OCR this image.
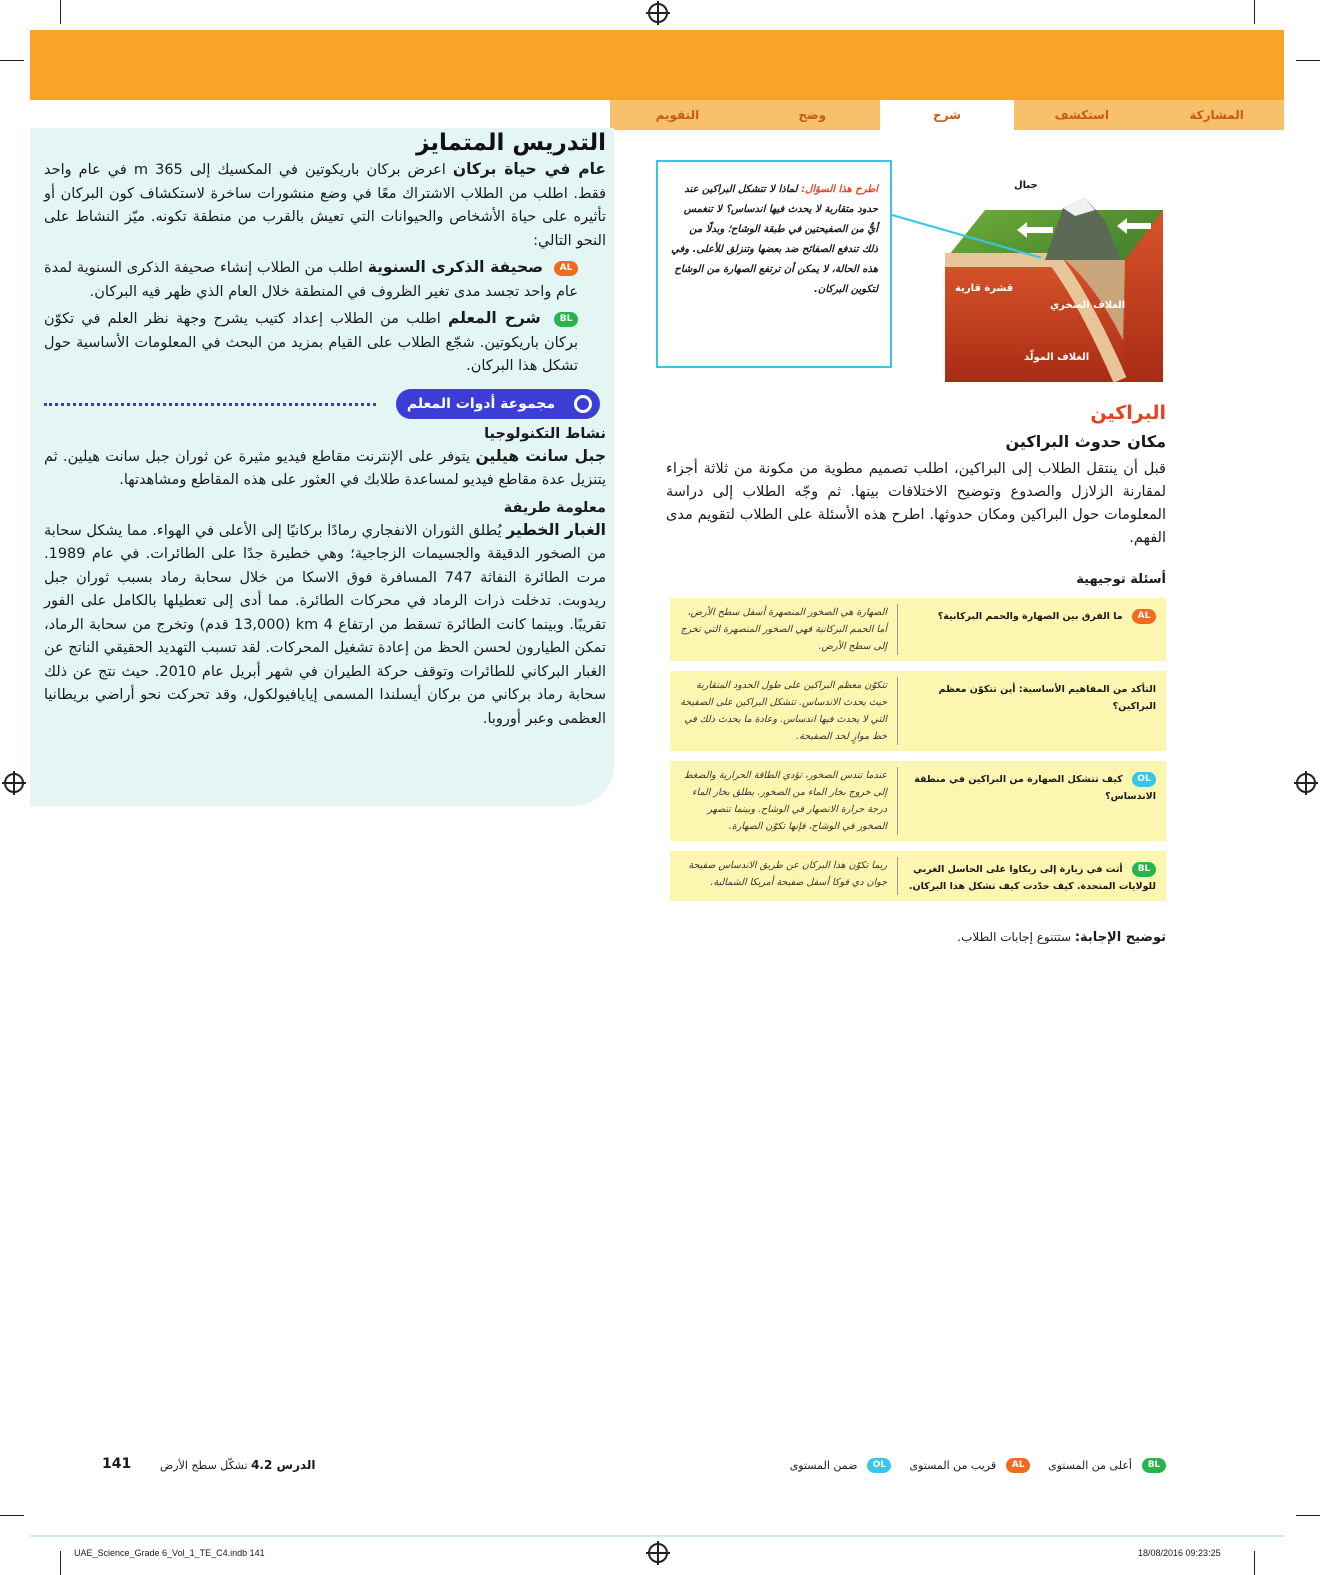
المشاركة
استكشف
شرح
وضح
التقويم
التدريس المتمايز

عام في حياة بركان اعرض بركان باريكوتين في المكسيك إلى 365 m في عام واحد فقط. اطلب من الطلاب الاشتراك معًا في وضع منشورات ساخرة لاستكشاف كون البركان أو تأثيره على حياة الأشخاص والحيوانات التي تعيش بالقرب من منطقة تكونه. ميّز النشاط على النحو التالي:

AL صحيفة الذكرى السنوية اطلب من الطلاب إنشاء صحيفة الذكرى السنوية لمدة عام واحد تجسد مدى تغير الظروف في المنطقة خلال العام الذي ظهر فيه البركان.

BL شرح المعلم اطلب من الطلاب إعداد كتيب يشرح وجهة نظر العلم في تكوّن بركان باريكوتين. شجّع الطلاب على القيام بمزيد من البحث في المعلومات الأساسية حول تشكل هذا البركان.

مجموعة أدوات المعلم
نشاط التكنولوجيا

جبل سانت هيلين يتوفر على الإنترنت مقاطع فيديو مثيرة عن ثوران جبل سانت هيلين. ثم يتنزيل عدة مقاطع فيديو لمساعدة طلابك في العثور على هذه المقاطع ومشاهدتها.

معلومة طريفة

الغبار الخطير يُطلق الثوران الانفجاري رمادًا بركانيًا إلى الأعلى في الهواء. مما يشكل سحابة من الصخور الدقيقة والجسيمات الزجاجية؛ وهي خطيرة جدًا على الطائرات. في عام 1989. مرت الطائرة النفاثة 747 المسافرة فوق الاسكا من خلال سحابة رماد بسبب ثوران جبل ريدوبت. تدخلت ذرات الرماد في محركات الطائرة. مما أدى إلى تعطيلها بالكامل على الفور تقريبًا. وبينما كانت الطائرة تسقط من ارتفاع 4 km (13,000 قدم) وتخرج من سحابة الرماد، تمكن الطيارون لحسن الحظ من إعادة تشغيل المحركات. لقد تسبب التهديد الحقيقي الناتج عن الغبار البركاني للطائرات وتوقف حركة الطيران في شهر أبريل عام 2010. حيث نتج عن ذلك سحابة رماد بركاني من بركان أيسلندا المسمى إيايافيولكول، وقد تحركت نحو أراضي بريطانيا العظمى وعبر أوروبا.

اطرح هذا السؤال: لماذا لا تتشكل البراكين عند حدود متقاربة لا يحدث فيها اندساس؟ لا تنغمس أيٌّ من الصفيحتين في طبقة الوشاح؛ وبدلًا من ذلك تندفع الصفائح ضد بعضها وتنزلق للأعلى. وفي هذه الحالة، لا يمكن أن ترتفع الصهارة من الوشاح لتكوين البركان.
جبال
قشرة قارية
الغلاف الصخري
الغلاف المولّد
البراكين
مكان حدوث البراكين

قبل أن ينتقل الطلاب إلى البراكين، اطلب تصميم مطوية من مكونة من ثلاثة أجزاء لمقارنة الزلازل والصدوع وتوضيح الاختلافات بينها. ثم وجّه الطلاب إلى دراسة المعلومات حول البراكين ومكان حدوثها. اطرح هذه الأسئلة على الطلاب لتقويم مدى الفهم.

أسئلة توجيهية
AL ما الفرق بين الصهارة والحمم البركانية؟
الصهارة هي الصخور المنصهرة أسفل سطح الأرض، أما الحمم البركانية فهي الصخور المنصهرة التي تخرج إلى سطح الأرض.
التأكد من المفاهيم الأساسية: أين تتكوّن معظم البراكين؟
تتكوّن معظم البراكين على طول الحدود المتقاربة حيث يحدث الاندساس. تتشكل البراكين على الصفيحة التي لا يحدث فيها اندساس. وعادة ما يحدث ذلك في خط موازٍ لحد الصفيحة.
OL كيف تتشكل الصهارة من البراكين في منطقة الاندساس؟
عندما تندس الصخور، تؤدي الطاقة الحرارية والضغط إلى خروج بخار الماء من الصخور. يطلق بخار الماء درجة حرارة الانصهار في الوشاح. وبينما تنصهر الصخور في الوشاح، فإنها تكوّن الصهارة.
BL أتت في زيارة إلى ريكاوا على الحاسل الغربي للولايات المتحدة. كيف حدّدت كيف تشكل هذا البركان.
ربما تكوّن هذا البركان عن طريق الاندساس صفيحة جوان دي فوكا أسفل صفيحة أمريكا الشمالية.

توضيح الإجابة: ستتنوع إجابات الطلاب.

BL
أعلى من المستوى
AL
قريب من المستوى
OL
ضمن المستوى
141	الدرس 4.2 تشكّل سطح الأرض
UAE_Science_Grade 6_Vol_1_TE_C4.indb 141	18/08/2016 09:23:25
